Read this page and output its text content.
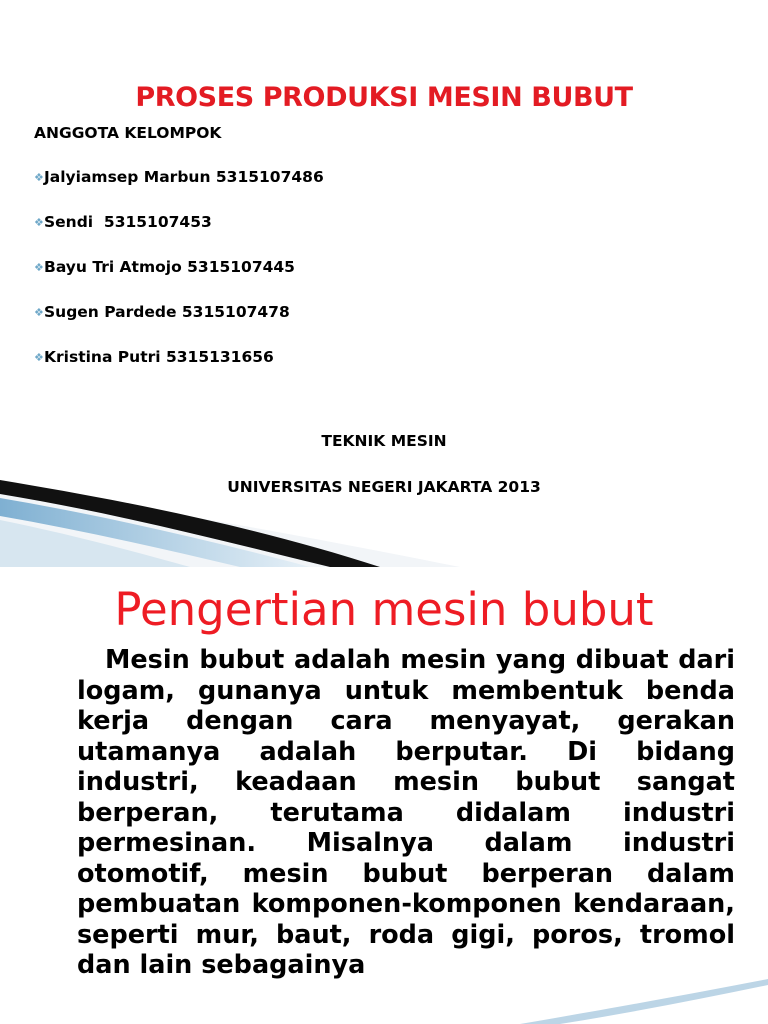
PROSES PRODUKSI MESIN BUBUT
ANGGOTA KELOMPOK
❖Jalyiamsep Marbun 5315107486
❖Sendi  5315107453
❖Bayu Tri Atmojo 5315107445
❖Sugen Pardede 5315107478
❖Kristina Putri 5315131656
TEKNIK MESIN
UNIVERSITAS NEGERI JAKARTA 2013
Pengertian mesin bubut
Mesin bubut adalah mesin yang dibuat dari logam, gunanya untuk membentuk benda kerja dengan cara menyayat, gerakan utamanya adalah berputar. Di bidang industri, keadaan mesin bubut sangat berperan, terutama didalam industri permesinan. Misalnya dalam industri otomotif, mesin bubut berperan dalam pembuatan komponen-komponen kendaraan, seperti mur, baut, roda gigi, poros, tromol dan lain sebagainya
